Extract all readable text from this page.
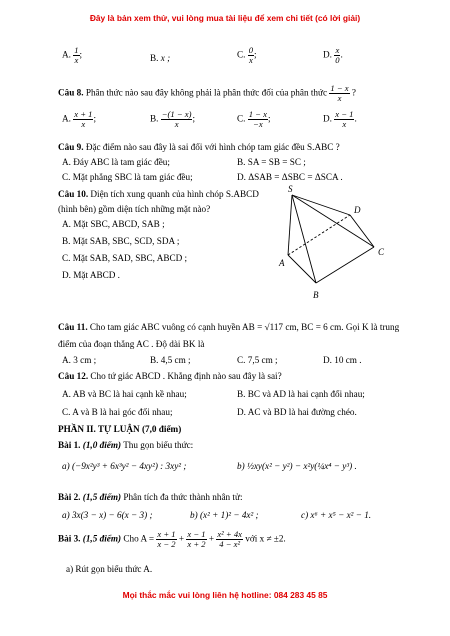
Đây là bản xem thử, vui lòng mua tài liệu để xem chi tiết (có lời giải)
A. $\frac{1}{x}$ ;	B. x ;	C. $\frac{0}{x}$ ;	D. $\frac{x}{0}$ .
Câu 8. Phân thức nào sau đây không phải là phân thức đối của phân thức $\frac{1 - x}{x}$ ?
A. $\frac{x + 1}{x}$ ;	B. $\frac{-(1 - x)}{x}$ ;	C. $\frac{1 - x}{-x}$ ;	D. $\frac{x - 1}{x}$ .
Câu 9. Đặc điểm nào sau đây là sai đối với hình chóp tam giác đều S.ABC ?
A. Đáy ABC là tam giác đều;	B. SA = SB = SC ;
C. Mặt phẳng SBC là tam giác đều;	D. ΔSAB = ΔSBC = ΔSCA .
Câu 10. Diện tích xung quanh của hình chóp S.ABCD
(hình bên) gồm diện tích những mặt nào?
A. Mặt SBC, ABCD, SAB ;
B. Mặt SAB, SBC, SCD, SDA ;
C. Mặt SAB, SAD, SBC, ABCD ;
D. Mặt ABCD .
S
D
A
C
B
Câu 11. Cho tam giác ABC vuông có cạnh huyền AB = √117 cm, BC = 6 cm. Gọi K là trung
điểm của đoạn thẳng AC . Độ dài BK là
A. 3 cm ;	B. 4,5 cm ;	C. 7,5 cm ;	D. 10 cm .
Câu 12. Cho tứ giác ABCD . Khẳng định nào sau đây là sai?
A. AB và BC là hai cạnh kề nhau;	B. BC và AD là hai cạnh đối nhau;
C. A và B là hai góc đối nhau;	D. AC và BD là hai đường chéo.
PHẦN II. TỰ LUẬN (7,0 điểm)
Bài 1. (1,0 điểm) Thu gọn biểu thức:
a) (−9x²y³ + 6x³y² − 4xy²) : 3xy² ;	b) ½xy(x² − y²) − x²y(¼x⁴ − y³) .
Bài 2. (1,5 điểm) Phân tích đa thức thành nhân tử:
a) 3x(3 − x) − 6(x − 3) ;	b) (x² + 1)² − 4x² ;	c) x⁶ + x⁵ − x² − 1.
Bài 3. (1,5 điểm) Cho $A = \frac{x + 1}{x - 2} + \frac{x - 1}{x + 2} + \frac{\text{x² + 4x}}{\text{4 − x²}}$ với x ≠ ±2.
a) Rút gọn biểu thức A.
Mọi thắc mắc vui lòng liên hệ hotline: 084 283 45 85
